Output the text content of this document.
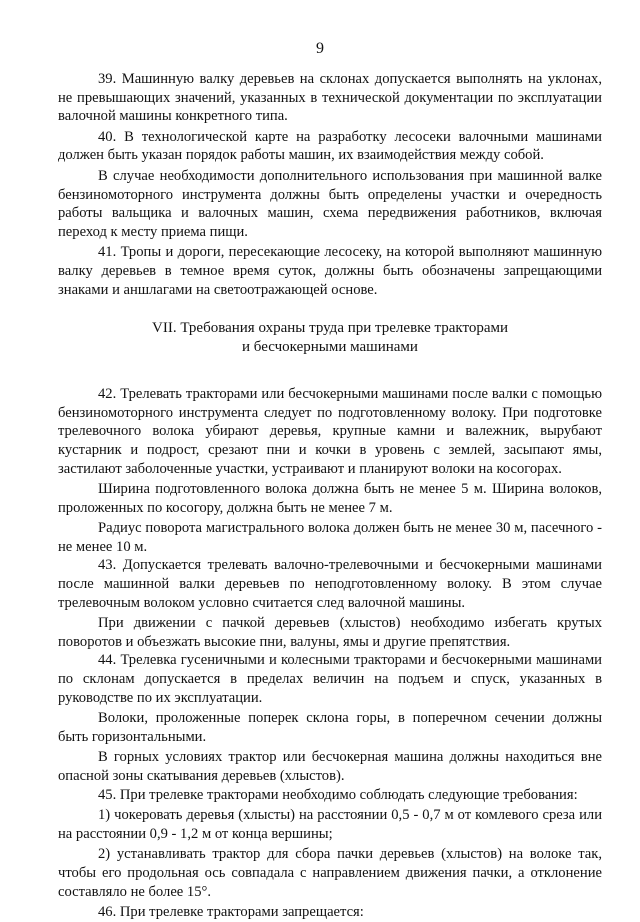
9

39. Машинную валку деревьев на склонах допускается выполнять на уклонах, не превышающих значений, указанных в технической документации по эксплуатации валочной машины конкретного типа.

40. В технологической карте на разработку лесосеки валочными машинами должен быть указан порядок работы машин, их взаимодействия между собой.

В случае необходимости дополнительного использования при машинной валке бензиномоторного инструмента должны быть определены участки и очередность работы вальщика и валочных машин, схема передвижения работников, включая переход к месту приема пищи.

41. Тропы и дороги, пересекающие лесосеку, на которой выполняют машинную валку деревьев в темное время суток, должны быть обозначены запрещающими знаками и аншлагами на светоотражающей основе.

VII. Требования охраны труда при трелевке тракторами
и бесчокерными машинами

42. Трелевать тракторами или бесчокерными машинами после валки с помощью бензиномоторного инструмента следует по подготовленному волоку. При подготовке трелевочного волока убирают деревья, крупные камни и валежник, вырубают кустарник и подрост, срезают пни и кочки в уровень с землей, засыпают ямы, застилают заболоченные участки, устраивают и планируют волоки на косогорах.

Ширина подготовленного волока должна быть не менее 5 м. Ширина волоков, проложенных по косогору, должна быть не менее 7 м.

Радиус поворота магистрального волока должен быть не менее 30 м, пасечного - не менее 10 м.

43. Допускается трелевать валочно-трелевочными и бесчокерными машинами после машинной валки деревьев по неподготовленному волоку. В этом случае трелевочным волоком условно считается след валочной машины.

При движении с пачкой деревьев (хлыстов) необходимо избегать крутых поворотов и объезжать высокие пни, валуны, ямы и другие препятствия.

44. Трелевка гусеничными и колесными тракторами и бесчокерными машинами по склонам допускается в пределах величин на подъем и спуск, указанных в руководстве по их эксплуатации.

Волоки, проложенные поперек склона горы, в поперечном сечении должны быть горизонтальными.

В горных условиях трактор или бесчокерная машина должны находиться вне опасной зоны скатывания деревьев (хлыстов).

45. При трелевке тракторами необходимо соблюдать следующие требования:

1) чокеровать деревья (хлысты) на расстоянии 0,5 - 0,7 м от комлевого среза или на расстоянии 0,9 - 1,2 м от конца вершины;

2) устанавливать трактор для сбора пачки деревьев (хлыстов) на волоке так, чтобы его продольная ось совпадала с направлением движения пачки, а отклонение составляло не более 15°.

46. При трелевке тракторами запрещается:
